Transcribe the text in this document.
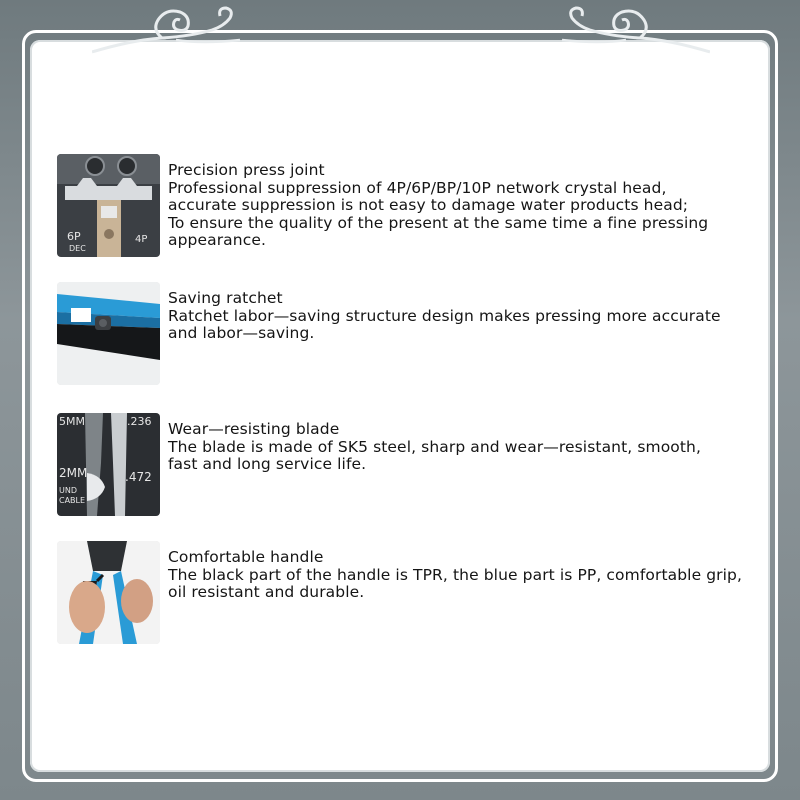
6P
DEC
4P

Precision press joint

Professional suppression of 4P/6P/BP/10P network crystal head,
accurate suppression is not easy to damage water products head;
To ensure the quality of the present at the same time a fine pressing
appearance.

Saving ratchet

Ratchet labor—saving structure design makes pressing more accurate
and labor—saving.

5MM	.236
2MM	.472
UND
CABLE

Wear—resisting blade

The blade is made of SK5 steel, sharp and wear—resistant, smooth,
fast and long service life.

Comfortable handle

The black part of the handle is TPR, the blue part is PP, comfortable grip,
oil resistant and durable.
